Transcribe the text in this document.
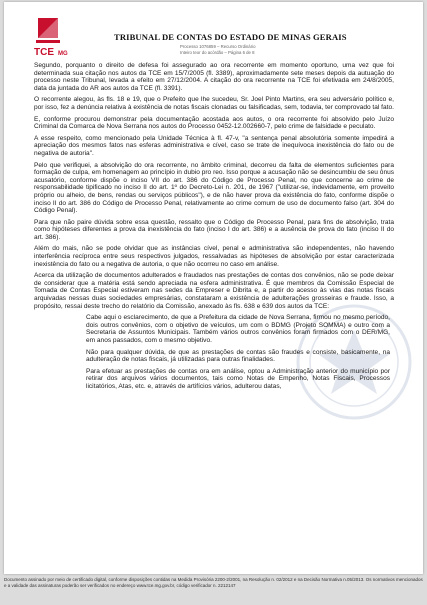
TCE MG
TRIBUNAL DE CONTAS DO ESTADO DE MINAS GERAIS
Processo 1076859 – Recurso Ordinário
Inteiro teor do acórdão – Página 6 de 8

Segundo, porquanto o direito de defesa foi assegurado ao ora recorrente em momento oportuno, uma vez que foi determinada sua citação nos autos da TCE em 15/7/2005 (fl. 3389), aproximadamente sete meses depois da autuação do processo neste Tribunal, levada a efeito em 27/12/2004. A citação do ora recorrente na TCE foi efetivada em 24/8/2005, data da juntada do AR aos autos da TCE (fl. 3391).

O recorrente alegou, às fls. 18 e 19, que o Prefeito que lhe sucedeu, Sr. Joel Pinto Martins, era seu adversário político e, por isso, fez a denúncia relativa à existência de notas fiscais clonadas ou falsificadas, sem, todavia, ter comprovado tal fato.

E, conforme procurou demonstrar pela documentação acostada aos autos, o ora recorrente foi absolvido pelo Juízo Criminal da Comarca de Nova Serrana nos autos do Processo 0452-12.002660-7, pelo crime de falsidade e peculato.

A esse respeito, como mencionado pela Unidade Técnica à fl. 47-v, "a sentença penal absolutória somente impedirá a apreciação dos mesmos fatos nas esferas administrativa e cível, caso se trate de inequívoca inexistência do fato ou de negativa de autoria".

Pelo que verifiquei, a absolvição do ora recorrente, no âmbito criminal, decorreu da falta de elementos suficientes para formação de culpa, em homenagem ao princípio in dubio pro reo. Isso porque a acusação não se desincumbiu de seu ônus acusatório, conforme dispõe o inciso VII do art. 386 do Código de Processo Penal, no que concerne ao crime de responsabilidade tipificado no inciso II do art. 1º do Decreto-Lei n. 201, de 1967 ("utilizar-se, indevidamente, em proveito próprio ou alheio, de bens, rendas ou serviços públicos"), e de não haver prova da existência do fato, conforme dispõe o inciso II do art. 386 do Código de Processo Penal, relativamente ao crime comum de uso de documento falso (art. 304 do Código Penal).

Para que não paire dúvida sobre essa questão, ressalto que o Código de Processo Penal, para fins de absolvição, trata como hipóteses diferentes a prova da inexistência do fato (inciso I do art. 386) e a ausência de prova do fato (inciso II do art. 386).

Além do mais, não se pode olvidar que as instâncias cível, penal e administrativa são independentes, não havendo interferência recíproca entre seus respectivos julgados, ressalvadas as hipóteses de absolvição por estar caracterizada inexistência do fato ou a negativa de autoria, o que não ocorreu no caso em análise.

Acerca da utilização de documentos adulterados e fraudados nas prestações de contas dos convênios, não se pode deixar de considerar que a matéria está sendo apreciada na esfera administrativa. É que membros da Comissão Especial de Tomada de Contas Especial estiveram nas sedes da Empreser e Dibrita e, a partir do acesso às vias das notas fiscais arquivadas nessas duas sociedades empresárias, constataram a existência de adulterações grosseiras e fraude. Isso, a propósito, ressai deste trecho do relatório da Comissão, anexado às fls. 638 e 639 dos autos da TCE:

Cabe aqui o esclarecimento, de que a Prefeitura da cidade de Nova Serrana, firmou no mesmo período, dois outros convênios, com o objetivo de veículos, um com o BDMG (Projeto SOMMA) e outro com a Secretaria de Assuntos Municipais. Também vários outros convênios foram firmados com o DER/MG, em anos passados, com o mesmo objetivo.

Não para qualquer dúvida, de que as prestações de contas são fraudes e consiste, basicamente, na adulteração de notas fiscais, já utilizadas para outras finalidades.

Para efetuar as prestações de contas ora em análise, optou a Administração anterior do município por retirar dos arquivos vários documentos, tais como Notas de Empenho, Notas Fiscais, Processos licitatórios, Atas, etc. e, através de artifícios vários, adulterou datas,

Documento assinado por meio de certificado digital, conforme disposições contidas na Medida Provisória 2200-2/2001, na Resolução n. 02/2012 e na Decisão Normativa n.05/2013. Os normativos mencionados e a validade das assinaturas poderão ser verificados no endereço www.tce.mg.gov.br, código verificador n. 2212147
